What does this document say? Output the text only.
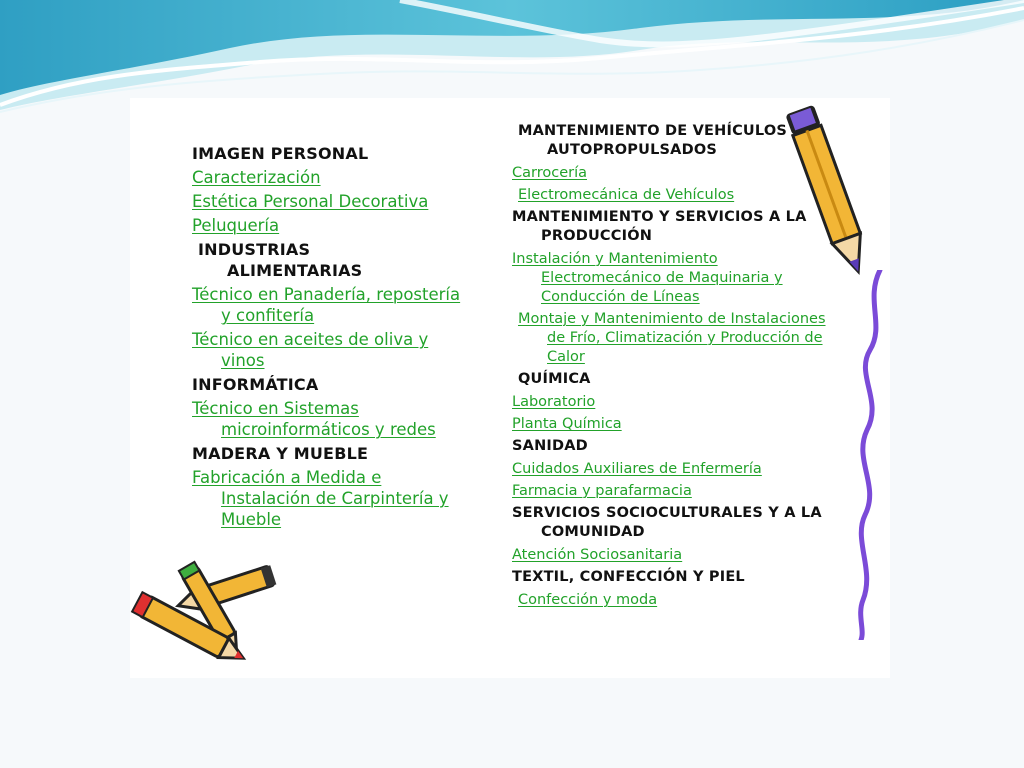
IMAGEN PERSONAL
Caracterización
Estética Personal Decorativa
Peluquería
INDUSTRIAS
ALIMENTARIAS
Técnico en Panadería, repostería
y confitería
Técnico en aceites de oliva y
vinos
INFORMÁTICA
Técnico en Sistemas
microinformáticos y redes
MADERA Y MUEBLE
Fabricación a Medida e
Instalación de Carpintería y
Mueble
MANTENIMIENTO DE VEHÍCULOS
AUTOPROPULSADOS
Carrocería
Electromecánica de Vehículos
MANTENIMIENTO Y SERVICIOS A LA
PRODUCCIÓN
Instalación y Mantenimiento
Electromecánico de Maquinaria y
Conducción de Líneas
Montaje y Mantenimiento de Instalaciones
de Frío, Climatización y Producción de
Calor
QUÍMICA
Laboratorio
Planta Química
SANIDAD
Cuidados Auxiliares de Enfermería
Farmacia y parafarmacia
SERVICIOS SOCIOCULTURALES Y A LA
COMUNIDAD
Atención Sociosanitaria
TEXTIL, CONFECCIÓN Y PIEL
Confección y moda
